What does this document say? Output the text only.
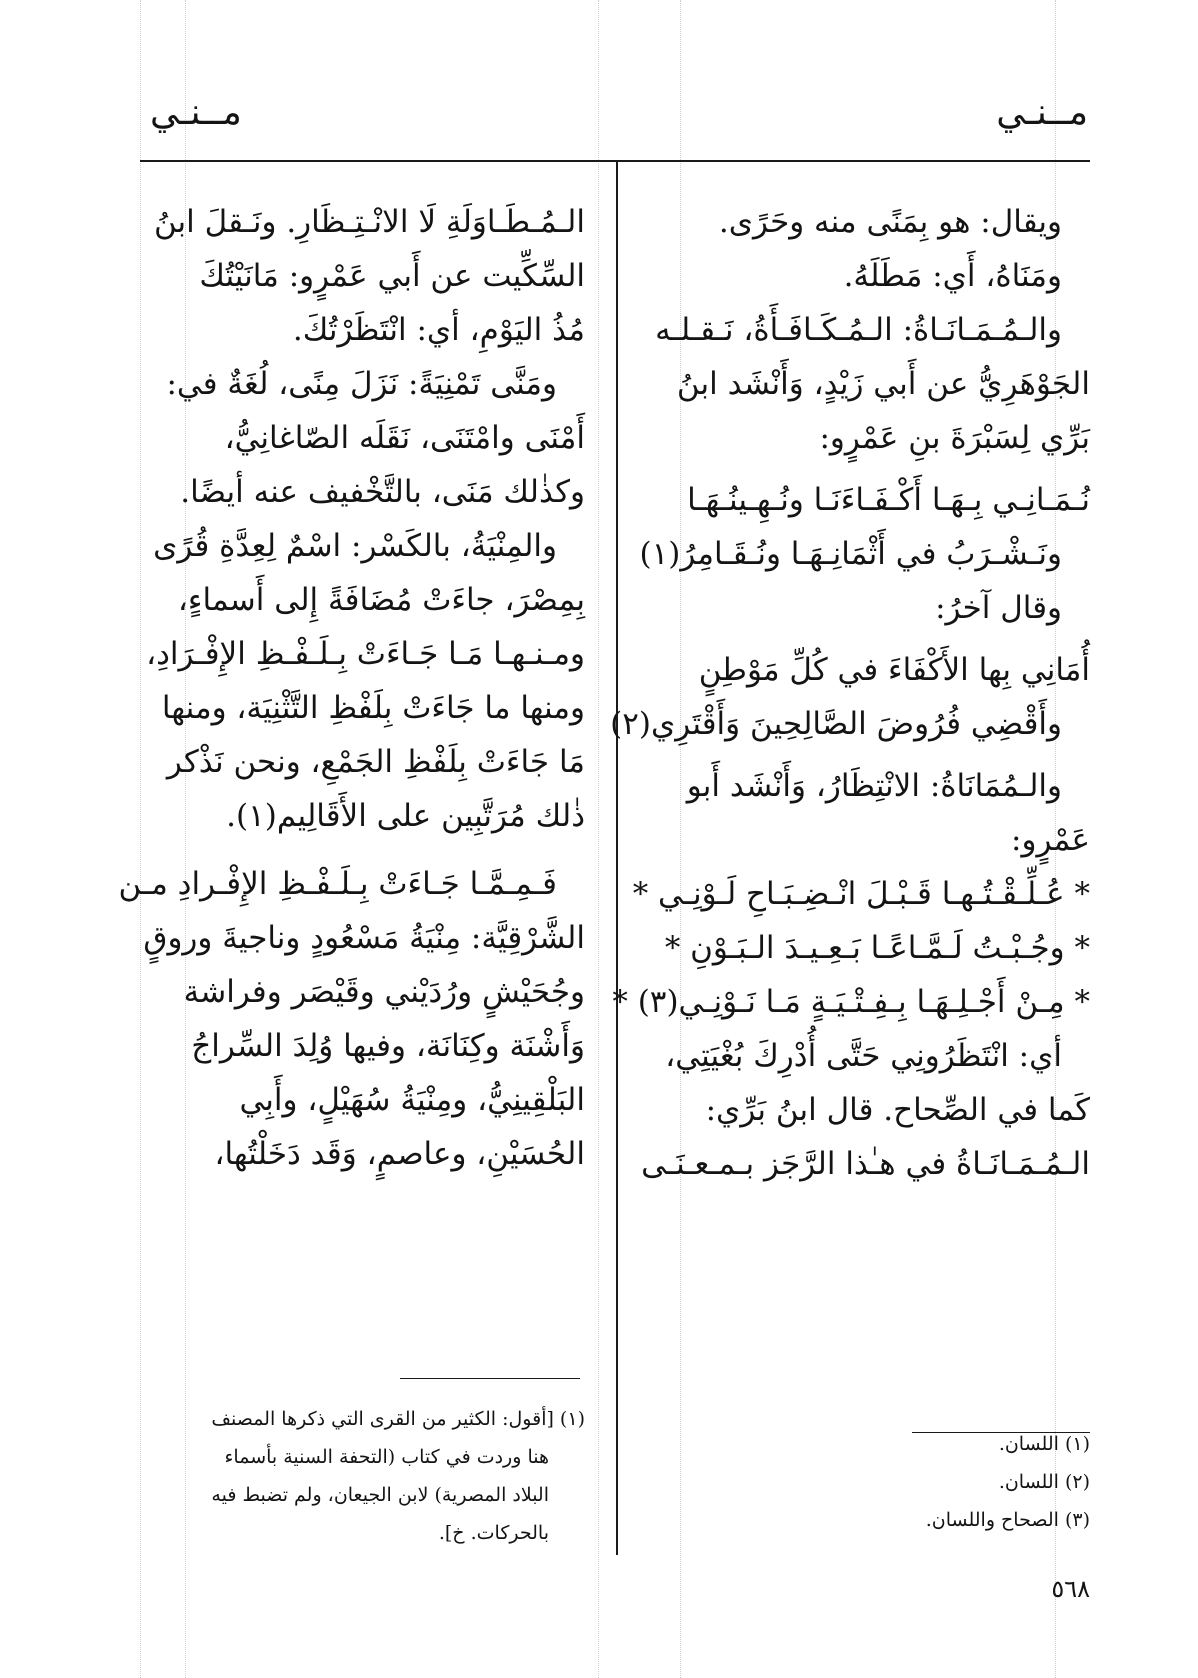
مــنـي
مــنـي
ويقال: هو بِمَنًى منه وحَرًى.
ومَنَاهُ، أَي: مَطَلَهُ.
والـمُـمَـانَـاةُ: الـمُـكَـافَـأَةُ، نَـقـلـه
الجَوْهَرِيُّ عن أَبي زَيْدٍ، وَأَنْشَد ابنُ
بَرِّي لِسَبْرَةَ بنِ عَمْرٍو:
نُـمَـانِـي بِـهَـا أَكْـفَـاءَنَـا ونُـهِـينُـهَـا
ونَـشْـرَبُ في أَثْمَانِـهَـا ونُـقَـامِرُ(١)
وقال آخرُ:
أُمَانِي بِها الأَكْفَاءَ في كُلِّ مَوْطِنٍ
وأَقْضِي فُرُوضَ الصَّالِحِينَ وَأَقْتَرِي(٢)
والـمُمَانَاةُ: الانْتِظَارُ، وَأَنْشَد أَبو
عَمْرٍو:
* عُـلِّـقْـتُـهـا قَـبْـلَ انْـضِـبَـاحِ لَـوْنِـي *
* وجُـبْـتُ لَـمَّـاعًـا بَـعِـيـدَ الـبَـوْنِ *
* مِـنْ أَجْـلِـهَـا بِـفِـتْـيَـةٍ مَـا نَـوْنِـي(٣) *
أي: انْتَظَرُونِي حَتَّى أُدْرِكَ بُغْيَتِي،
كَما في الصِّحاح. قال ابنُ بَرِّي:
الـمُـمَـانَـاةُ في هـٰذا الرَّجَز بـمـعـنَـى
الـمُـطَـاوَلَةِ لَا الانْـتِـظَارِ. ونَـقلَ ابنُ
السِّكِّيت عن أَبي عَمْرٍو: مَانَيْتُكَ
مُذُ اليَوْمِ، أي: انْتَظَرْتُكَ.
ومَنَّى تَمْنِيَةً: نَزَلَ مِنًى، لُغَةٌ في:
أَمْنَى وامْتَنَى، نَقَلَه الصّاغانِيُّ،
وكذٰلك مَنَى، بالتَّخْفيف عنه أيضًا.
والمِنْيَةُ، بالكَسْر: اسْمٌ لِعِدَّةِ قُرًى
بِمِصْرَ، جاءَتْ مُضَافَةً إِلى أَسماءٍ،
ومـنـهـا مَـا جَـاءَتْ بِـلَـفْـظِ الإِفْـرَادِ،
ومنها ما جَاءَتْ بِلَفْظِ التَّثْنِيَة، ومنها
مَا جَاءَتْ بِلَفْظِ الجَمْعِ، ونحن نَذْكر
ذٰلك مُرَتَّبِين على الأَقَالِيم(١).
فَـمِـمَّـا جَـاءَتْ بِـلَـفْـظِ الإِفْـرادِ مـن
الشَّرْقِيَّة: مِنْيَةُ مَسْعُودٍ وناجيةَ وروقٍ
وجُحَيْشٍ ورُدَيْني وقَيْصَر وفراشة
وَأَشْنَة وكِنَانَة، وفيها وُلِدَ السِّراجُ
البَلْقِينِيُّ، ومِنْيَةُ سُهَيْلٍ، وأَبِي
الحُسَيْنِ، وعاصمٍ، وَقَد دَخَلْتُها،
(١) اللسان.
(٢) اللسان.
(٣) الصحاح واللسان.
(١) [أقول: الكثير من القرى التي ذكرها المصنف
هنا وردت في كتاب (التحفة السنية بأسماء
البلاد المصرية) لابن الجيعان، ولم تضبط فيه
بالحركات. خ].
٥٦٨
